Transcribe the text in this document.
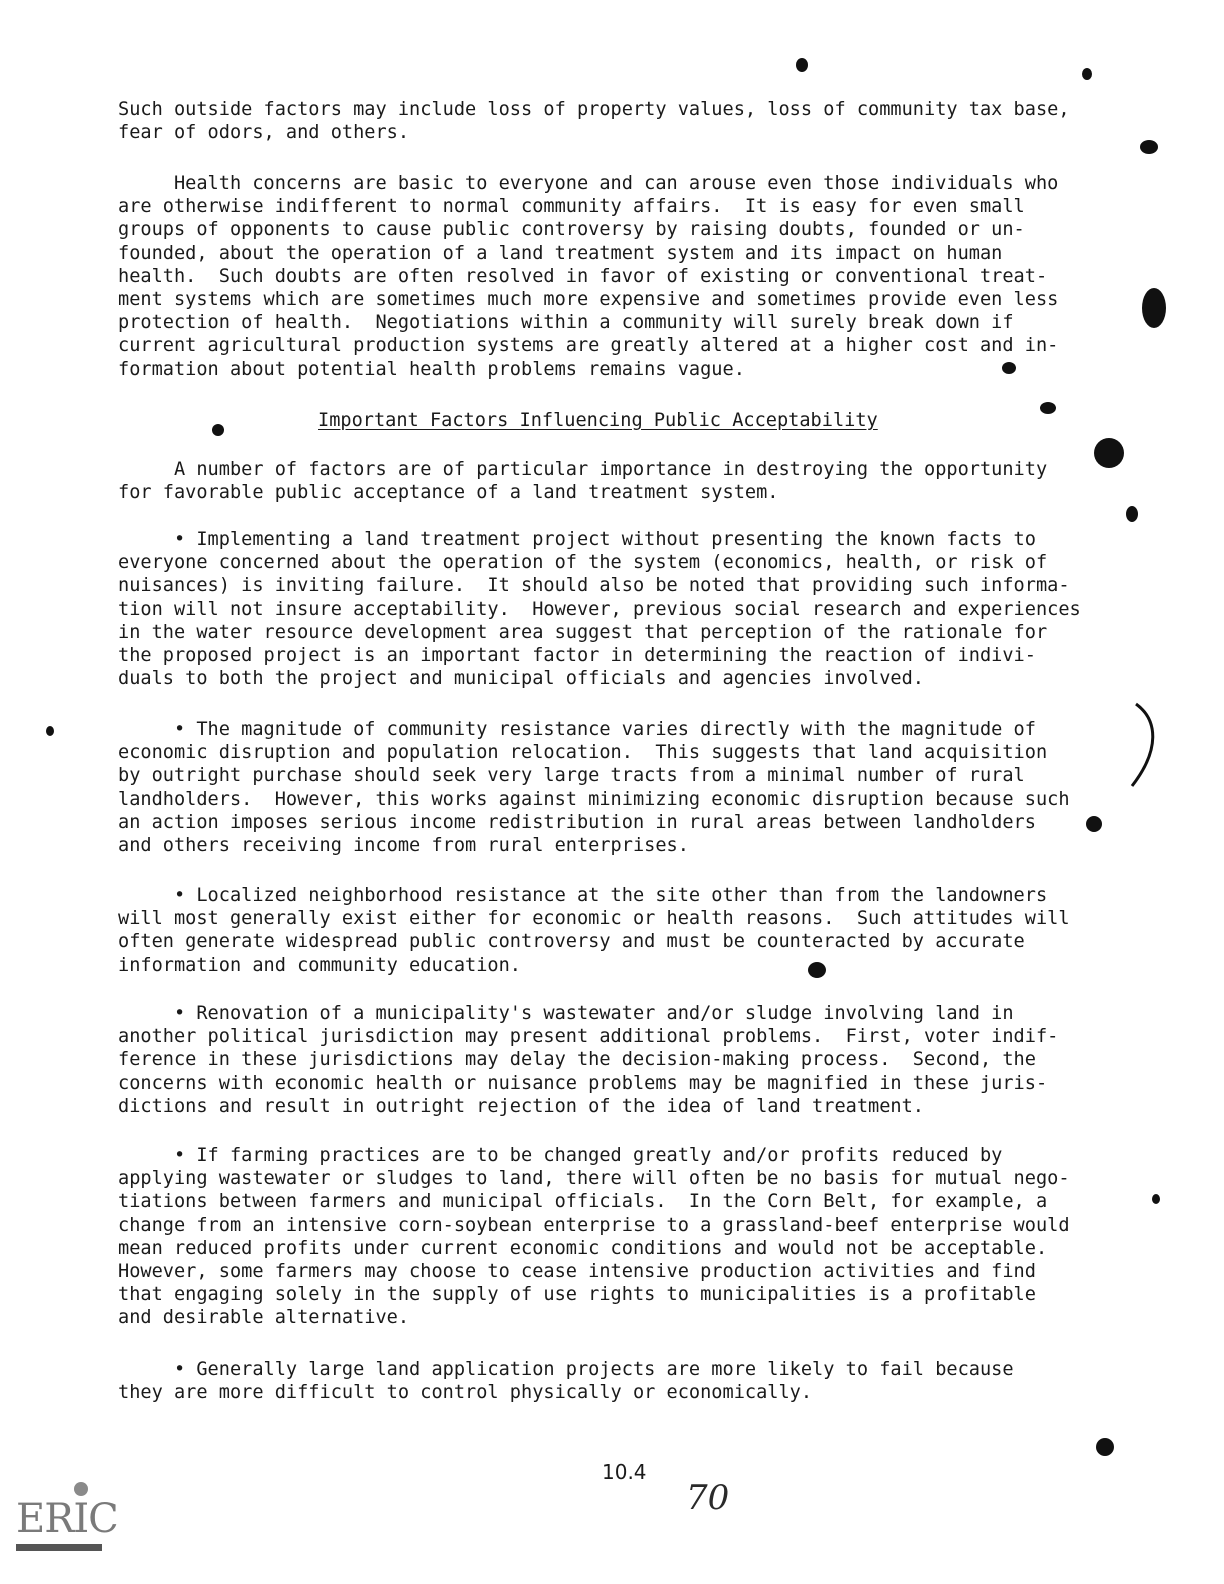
Such outside factors may include loss of property values, loss of community tax base,
fear of odors, and others.

Health concerns are basic to everyone and can arouse even those individuals who
are otherwise indifferent to normal community affairs.  It is easy for even small
groups of opponents to cause public controversy by raising doubts, founded or un-
founded, about the operation of a land treatment system and its impact on human
health.  Such doubts are often resolved in favor of existing or conventional treat-
ment systems which are sometimes much more expensive and sometimes provide even less
protection of health.  Negotiations within a community will surely break down if
current agricultural production systems are greatly altered at a higher cost and in-
formation about potential health problems remains vague.

Important Factors Influencing Public Acceptability

A number of factors are of particular importance in destroying the opportunity
for favorable public acceptance of a land treatment system.

• Implementing a land treatment project without presenting the known facts to
everyone concerned about the operation of the system (economics, health, or risk of
nuisances) is inviting failure.  It should also be noted that providing such informa-
tion will not insure acceptability.  However, previous social research and experiences
in the water resource development area suggest that perception of the rationale for
the proposed project is an important factor in determining the reaction of indivi-
duals to both the project and municipal officials and agencies involved.

• The magnitude of community resistance varies directly with the magnitude of
economic disruption and population relocation.  This suggests that land acquisition
by outright purchase should seek very large tracts from a minimal number of rural
landholders.  However, this works against minimizing economic disruption because such
an action imposes serious income redistribution in rural areas between landholders
and others receiving income from rural enterprises.

• Localized neighborhood resistance at the site other than from the landowners
will most generally exist either for economic or health reasons.  Such attitudes will
often generate widespread public controversy and must be counteracted by accurate
information and community education.

• Renovation of a municipality's wastewater and/or sludge involving land in
another political jurisdiction may present additional problems.  First, voter indif-
ference in these jurisdictions may delay the decision-making process.  Second, the
concerns with economic health or nuisance problems may be magnified in these juris-
dictions and result in outright rejection of the idea of land treatment.

• If farming practices are to be changed greatly and/or profits reduced by
applying wastewater or sludges to land, there will often be no basis for mutual nego-
tiations between farmers and municipal officials.  In the Corn Belt, for example, a
change from an intensive corn-soybean enterprise to a grassland-beef enterprise would
mean reduced profits under current economic conditions and would not be acceptable.
However, some farmers may choose to cease intensive production activities and find
that engaging solely in the supply of use rights to municipalities is a profitable
and desirable alternative.

• Generally large land application projects are more likely to fail because
they are more difficult to control physically or economically.

10.4
70
ERIC
